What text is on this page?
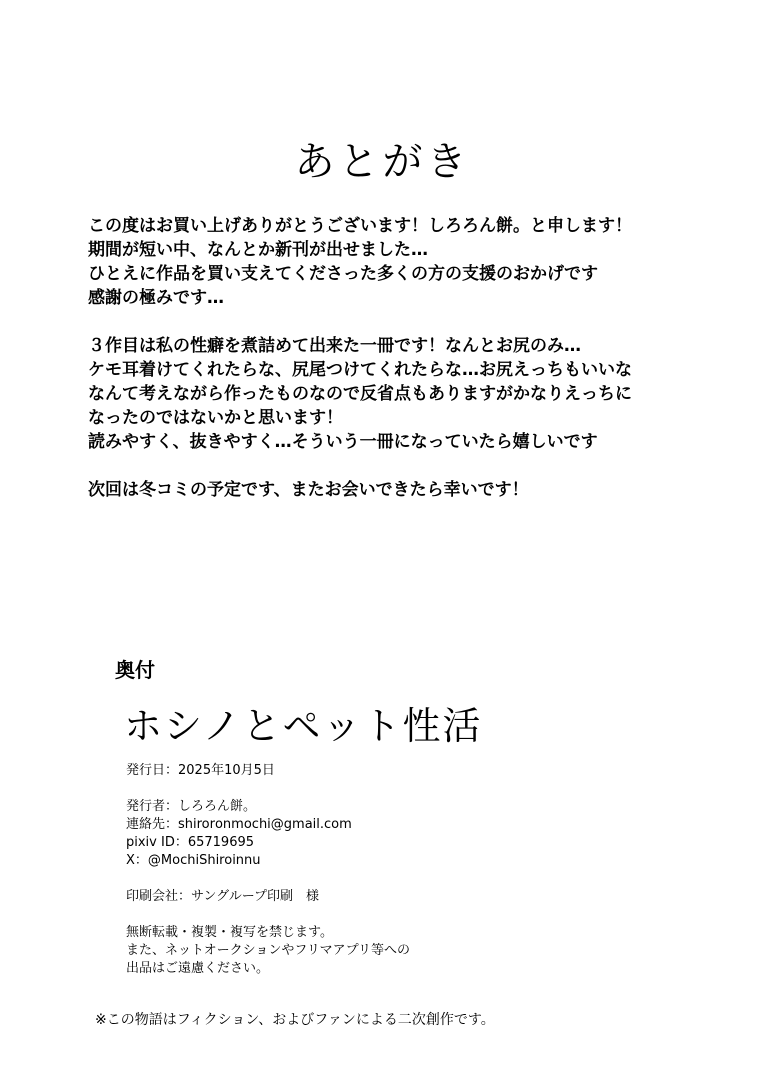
あとがき

この度はお買い上げありがとうございます！しろろん餅。と申します！
期間が短い中、なんとか新刊が出せました…
ひとえに作品を買い支えてくださった多くの方の支援のおかげです
感謝の極みです…

３作目は私の性癖を煮詰めて出来た一冊です！なんとお尻のみ…
ケモ耳着けてくれたらな、尻尾つけてくれたらな…お尻えっちもいいな
なんて考えながら作ったものなので反省点もありますがかなりえっちに
なったのではないかと思います！
読みやすく、抜きやすく…そういう一冊になっていたら嬉しいです

次回は冬コミの予定です、またお会いできたら幸いです！

奥付
ホシノとペット性活
発行日：2025年10月5日
発行者：しろろん餅。
連絡先：shirorоnmochi@gmail.com
pixiv ID：65719695
X：@MochiShiroinnu
印刷会社：サングループ印刷　様
無断転載・複製・複写を禁じます。
また、ネットオークションやフリマアプリ等への
出品はご遠慮ください。
※この物語はフィクション、およびファンによる二次創作です。
